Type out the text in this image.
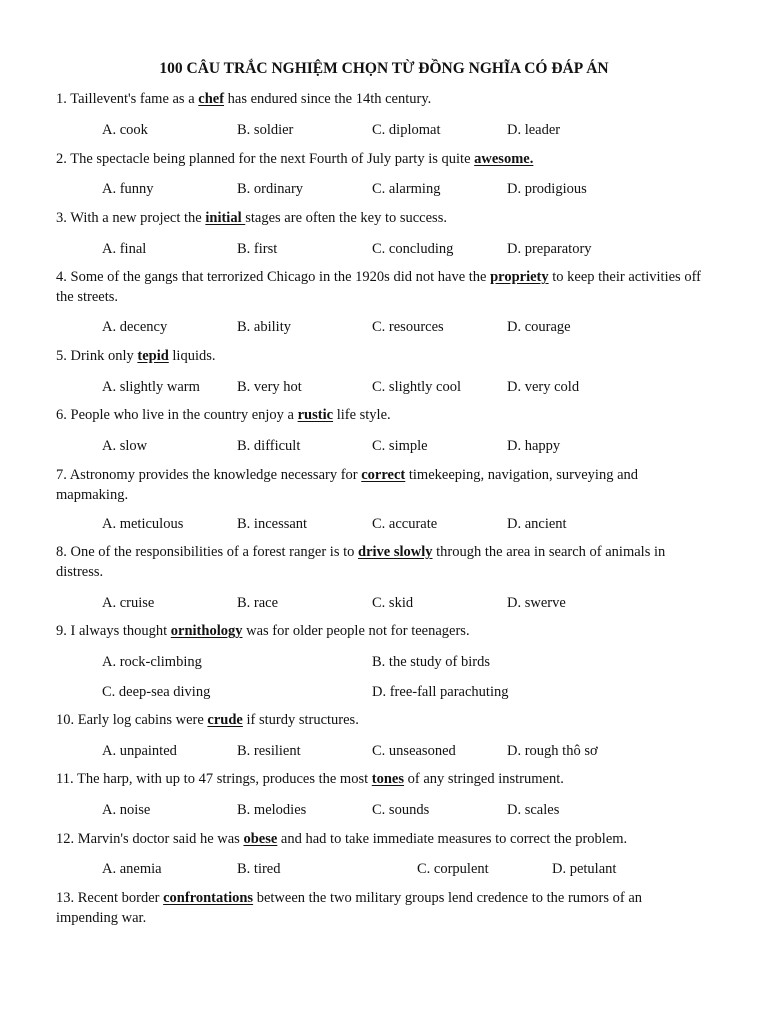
100 CÂU TRẮC NGHIỆM CHỌN TỪ ĐỒNG NGHĨA CÓ ĐÁP ÁN
1. Taillevent's fame as a chef has endured since the 14th century.
A. cook	B. soldier	C. diplomat	D. leader
2. The spectacle being planned for the next Fourth of July party is quite awesome.
A. funny	B. ordinary	C. alarming	D. prodigious
3. With a new project the initial stages are often the key to success.
A. final	B. first	C. concluding	D. preparatory
4. Some of the gangs that terrorized Chicago in the 1920s did not have the propriety to keep their activities off the streets.
A. decency	B. ability	C. resources	D. courage
5. Drink only tepid liquids.
A. slightly warm	B. very hot	C. slightly cool	D. very cold
6. People who live in the country enjoy a rustic life style.
A. slow	B. difficult	C. simple	D. happy
7. Astronomy provides the knowledge necessary for correct timekeeping, navigation, surveying and mapmaking.
A. meticulous	B. incessant	C. accurate	D. ancient
8. One of the responsibilities of a forest ranger is to drive slowly through the area in search of animals in distress.
A. cruise	B. race	C. skid	D. swerve
9. I always thought ornithology was for older people not for teenagers.
A. rock-climbing	B. the study of birds
C. deep-sea diving	D. free-fall parachuting
10. Early log cabins were crude if sturdy structures.
A. unpainted	B. resilient	C. unseasoned	D. rough thô sơ
11. The harp, with up to 47 strings, produces the most tones of any stringed instrument.
A. noise	B. melodies	C. sounds	D. scales
12. Marvin's doctor said he was obese and had to take immediate measures to correct the problem.
A. anemia	B. tired	C. corpulent	D. petulant
13. Recent border confrontations between the two military groups lend credence to the rumors of an impending war.
